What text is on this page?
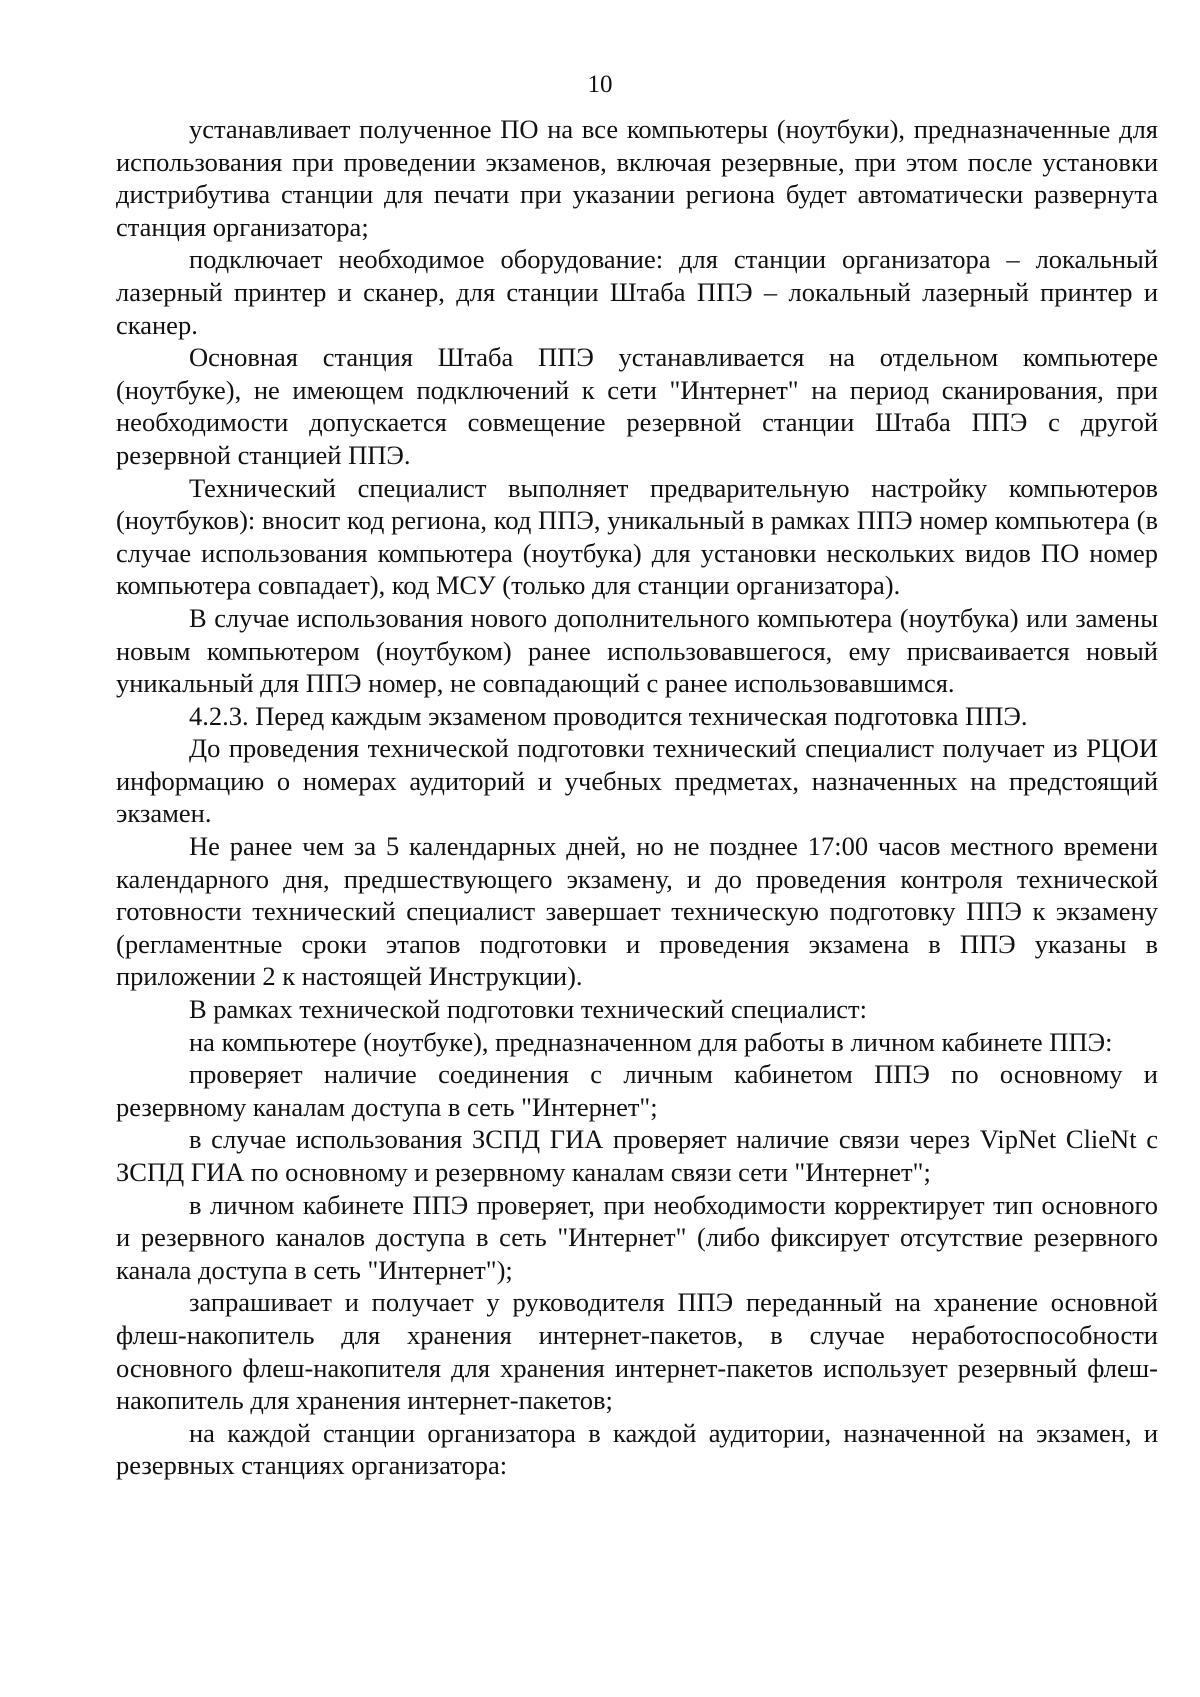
10

устанавливает полученное ПО на все компьютеры (ноутбуки), предназначенные для использования при проведении экзаменов, включая резервные, при этом после установки дистрибутива станции для печати при указании региона будет автоматически развернута станция организатора;

подключает необходимое оборудование: для станции организатора – локальный лазерный принтер и сканер, для станции Штаба ППЭ – локальный лазерный принтер и сканер.

Основная станция Штаба ППЭ устанавливается на отдельном компьютере (ноутбуке), не имеющем подключений к сети "Интернет" на период сканирования, при необходимости допускается совмещение резервной станции Штаба ППЭ с другой резервной станцией ППЭ.

Технический специалист выполняет предварительную настройку компьютеров (ноутбуков): вносит код региона, код ППЭ, уникальный в рамках ППЭ номер компьютера (в случае использования компьютера (ноутбука) для установки нескольких видов ПО номер компьютера совпадает), код МСУ (только для станции организатора).

В случае использования нового дополнительного компьютера (ноутбука) или замены новым компьютером (ноутбуком) ранее использовавшегося, ему присваивается новый уникальный для ППЭ номер, не совпадающий с ранее использовавшимся.

4.2.3. Перед каждым экзаменом проводится техническая подготовка ППЭ.

До проведения технической подготовки технический специалист получает из РЦОИ информацию о номерах аудиторий и учебных предметах, назначенных на предстоящий экзамен.

Не ранее чем за 5 календарных дней, но не позднее 17:00 часов местного времени календарного дня, предшествующего экзамену, и до проведения контроля технической готовности технический специалист завершает техническую подготовку ППЭ к экзамену (регламентные сроки этапов подготовки и проведения экзамена в ППЭ указаны в приложении 2 к настоящей Инструкции).

В рамках технической подготовки технический специалист:

на компьютере (ноутбуке), предназначенном для работы в личном кабинете ППЭ:

проверяет наличие соединения с личным кабинетом ППЭ по основному и резервному каналам доступа в сеть "Интернет";

в случае использования ЗСПД ГИА проверяет наличие связи через VipNet ClieNt с ЗСПД ГИА по основному и резервному каналам связи сети "Интернет";

в личном кабинете ППЭ проверяет, при необходимости корректирует тип основного и резервного каналов доступа в сеть "Интернет" (либо фиксирует отсутствие резервного канала доступа в сеть "Интернет");

запрашивает и получает у руководителя ППЭ переданный на хранение основной флеш-накопитель для хранения интернет-пакетов, в случае неработоспособности основного флеш-накопителя для хранения интернет-пакетов использует резервный флеш-накопитель для хранения интернет-пакетов;

на каждой станции организатора в каждой аудитории, назначенной на экзамен, и резервных станциях организатора:
